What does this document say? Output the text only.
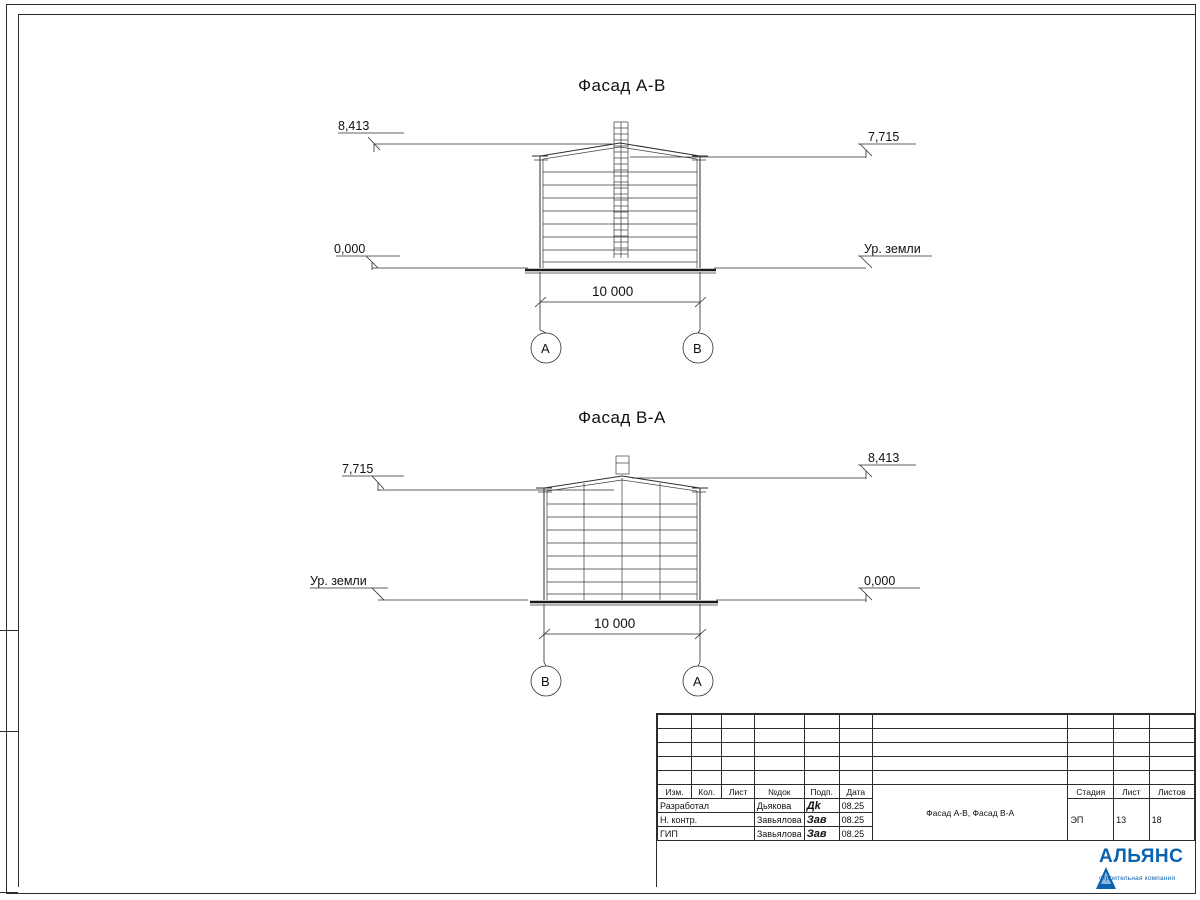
Фасад А-В
8,413
7,715
0,000	Ур. земли
10 000
А	В
Фасад В-А
7,715
8,413
Ур. земли	0,000
10 000
В	А

Изм.	Кол.	Лист	№док	Подп.	Дата	Фасад А-В, Фасад В-А	Стадия	Лист	Листов
Разработал			Дьякова	Дk	08.25		ЭП	13	18
Н. контр.			Завьялова	Зав	08.25				
ГИП			Завьялова	Зав	08.25				
АЛЬЯНС
строительная компания
